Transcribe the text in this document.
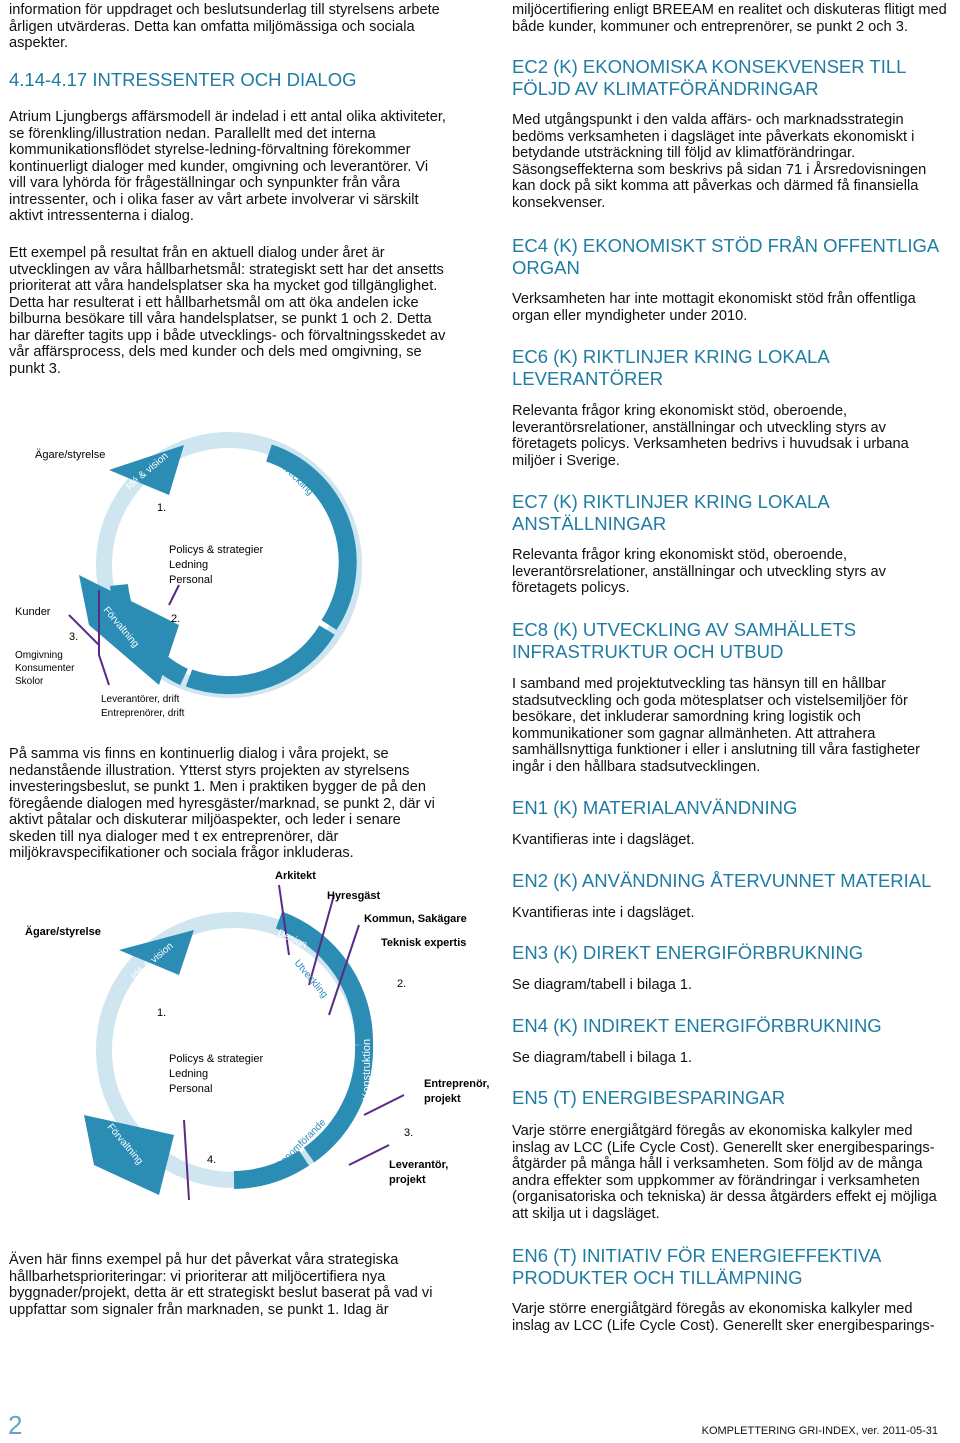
information för uppdraget och beslutsunderlag till styrelsens arbete årligen utvärderas. Detta kan omfatta miljömässiga och sociala aspekter.

4.14-4.17 INTRESSENTER OCH DIALOG

Atrium Ljungbergs affärsmodell är indelad i ett antal olika aktiviteter, se förenkling/illustration nedan. Parallellt med det interna kommunikationsflödet styrelse-ledning-förvaltning förekommer kontinuerligt dialoger med kunder, omgivning och leverantörer. Vi vill vara lyhörda för frågeställningar och synpunkter från våra intressenter, och i olika faser av vårt arbete involverar vi särskilt aktivt intressenterna i dialog.

Ett exempel på resultat från en aktuell dialog under året är utvecklingen av våra hållbarhetsmål: strategiskt sett har det ansetts prioriterat att våra handelsplatser ska ha mycket god tillgänglighet. Detta har resulterat i ett hållbarhetsmål om att öka andelen icke bilburna besökare till våra handelsplatser, se punkt 1 och 2. Detta har därefter tagits upp i både utvecklings- och förvaltningsskedet av vår affärsprocess, dels med kunder och dels med omgivning, se punkt 3.

Ägare/styrelse Idé & vision	Utveckling
Genomförande
Förvaltning
1.
2.
3.
Policys & strategier
Ledning
Personal
Kunder
Omgivning
Konsumenter
Skolor
Leverantörer, drift
Entreprenörer, drift

På samma vis finns en kontinuerlig dialog i våra projekt, se nedanstående illustration. Ytterst styrs projekten av styrelsens investeringsbeslut, se punkt 1. Men i praktiken bygger de på den föregående dialogen med hyresgäster/marknad, se punkt 2, där vi aktivt påtalar och diskuterar miljöaspekter, och leder i senare skeden till nya dialoger med t ex entreprenörer, där miljökravspecifikationer och sociala frågor inkluderas.

Arkitekt
Hyresgäst
Kommun, Sakägare
Teknisk expertis
Ägare/styrelse
Idé & vision
Design
Utveckling
Konstruktion
Genomförande
Entreprenad
Förvaltning
1.
2.
3.
4.
Policys & strategier
Ledning
Personal	Entreprenör,
projekt
Leverantör,
projekt

Även här finns exempel på hur det påverkat våra strategiska hållbarhetsprioriteringar: vi prioriterar att miljöcertifiera nya byggnader/projekt, detta är ett strategiskt beslut baserat på vad vi uppfattar som signaler från marknaden, se punkt 1. Idag är

miljöcertifiering enligt BREEAM en realitet och diskuteras flitigt med både kunder, kommuner och entreprenörer, se punkt 2 och 3.

EC2 (K) EKONOMISKA KONSEKVENSER TILL FÖLJD AV KLIMATFÖRÄNDRINGAR

Med utgångspunkt i den valda affärs- och marknadsstrategin bedöms verksamheten i dagsläget inte påverkats ekonomiskt i betydande utsträckning till följd av klimatförändringar. Säsongseffekterna som beskrivs på sidan 71 i Årsredovisningen kan dock på sikt komma att påverkas och därmed få finansiella konsekvenser.

EC4 (K) EKONOMISKT STÖD FRÅN OFFENTLIGA ORGAN

Verksamheten har inte mottagit ekonomiskt stöd från offentliga organ eller myndigheter under 2010.

EC6 (K) RIKTLINJER KRING LOKALA LEVERANTÖRER

Relevanta frågor kring ekonomiskt stöd, oberoende, leverantörsrelationer, anställningar och utveckling styrs av företagets policys. Verksamheten bedrivs i huvudsak i urbana miljöer i Sverige.

EC7 (K) RIKTLINJER KRING LOKALA ANSTÄLLNINGAR

Relevanta frågor kring ekonomiskt stöd, oberoende, leverantörsrelationer, anställningar och utveckling styrs av företagets policys.

EC8 (K) UTVECKLING AV SAMHÄLLETS INFRASTRUKTUR OCH UTBUD

I samband med projektutveckling tas hänsyn till en hållbar stadsutveckling och goda mötesplatser och vistelsemiljöer för besökare, det inkluderar samordning kring logistik och kommunikationer som gagnar allmänheten. Att attrahera samhällsnyttiga funktioner i eller i anslutning till våra fastigheter ingår i den hållbara stadsutvecklingen.

EN1 (K) MATERIALANVÄNDNING

Kvantifieras inte i dagsläget.

EN2 (K) ANVÄNDNING ÅTERVUNNET MATERIAL

Kvantifieras inte i dagsläget.

EN3 (K) DIREKT ENERGIFÖRBRUKNING

Se diagram/tabell i bilaga 1.

EN4 (K) INDIREKT ENERGIFÖRBRUKNING

Se diagram/tabell i bilaga 1.

EN5 (T) ENERGIBESPARINGAR

Varje större energiåtgärd föregås av ekonomiska kalkyler med inslag av LCC (Life Cycle Cost). Generellt sker energibesparings-åtgärder på många håll i verksamheten. Som följd av de många andra effekter som uppkommer av förändringar i verksamheten (organisatoriska och tekniska) är dessa åtgärders effekt ej möjliga att skilja ut i dagsläget.

EN6 (T) INITIATIV FÖR ENERGIEFFEKTIVA PRODUKTER OCH TILLÄMPNING

Varje större energiåtgärd föregås av ekonomiska kalkyler med inslag av LCC (Life Cycle Cost). Generellt sker energibesparings-

2	KOMPLETTERING GRI-INDEX, ver. 2011-05-31
